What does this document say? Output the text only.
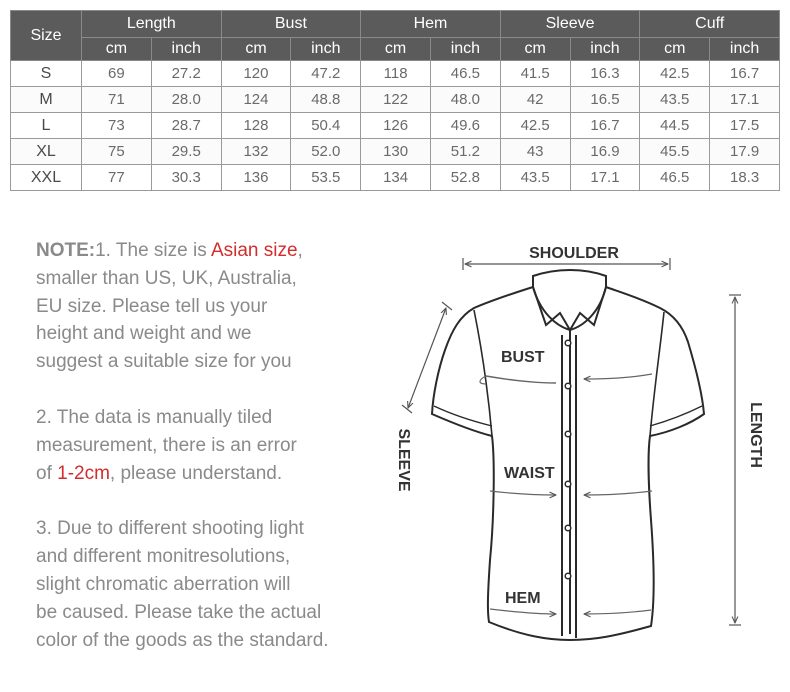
Size	Length		Bust		Hem		Sleeve		Cuff	
	cm	inch	cm	inch	cm	inch	cm	inch	cm	inch
S	69	27.2	120	47.2	118	46.5	41.5	16.3	42.5	16.7
M	71	28.0	124	48.8	122	48.0	42	16.5	43.5	17.1
L	73	28.7	128	50.4	126	49.6	42.5	16.7	44.5	17.5
XL	75	29.5	132	52.0	130	51.2	43	16.9	45.5	17.9
XXL	77	30.3	136	53.5	134	52.8	43.5	17.1	46.5	18.3

NOTE:1. The size is Asian size,
smaller than US, UK, Australia,
EU size. Please tell us your
height and weight and we
suggest a suitable size for you

2. The data is manually tiled
measurement, there is an error
of 1-2cm, please understand.

3. Due to different shooting light
and different monitresolutions,
slight chromatic aberration will
be caused. Please take the actual
color of the goods as the standard.

SHOULDER
BUST
WAIST
HEM
SLEEVE	LENGTH
